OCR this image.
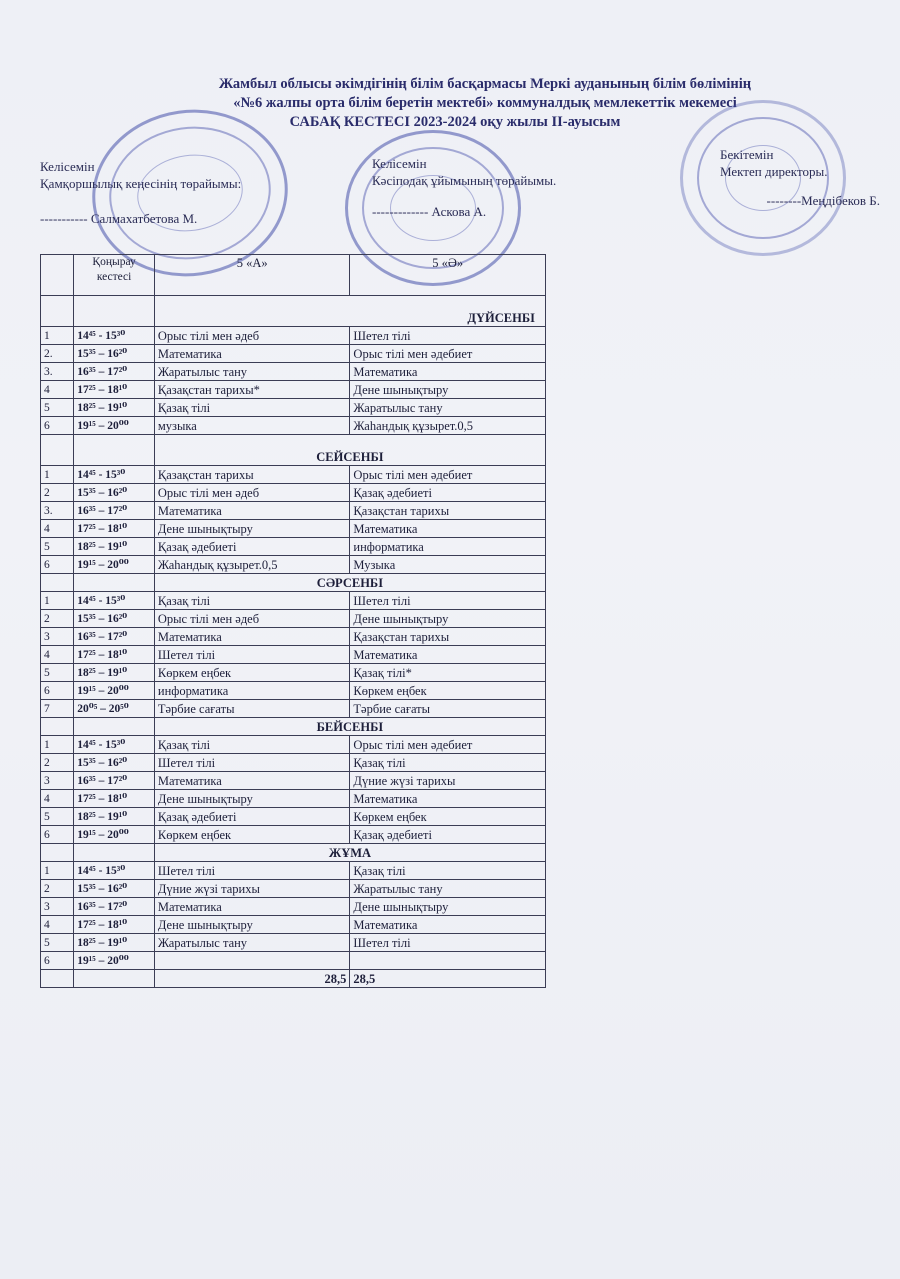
Жамбыл облысы әкімдігінің білім басқармасы Меркі ауданының білім бөлімінің
«№6 жалпы орта білім беретін мектебі» коммуналдық мемлекеттік мекемесі
САБАҚ КЕСТЕСІ 2023-2024 оқу жылы II-ауысым
Келісемін
Қамқоршылық кеңесінің төрайымы:
----------- Салмахатбетова М.
Келісемін
Кәсіподақ ұйымының төрайымы.
------------- Аскова А.
Бекітемін
Мектеп директоры.
--------Меңдібеков Б.
	Қоңырау кестесі	5 «А»	5 «Ә»
		ДҮЙСЕНБІ	
1	14⁴⁵ - 15³⁰	Орыс тілі мен әдеб	Шетел тілі
2.	15³⁵ – 16²⁰	Математика	Орыс тілі мен әдебиет
3.	16³⁵ – 17²⁰	Жаратылыс тану	Математика
4	17²⁵ – 18¹⁰	Қазақстан тарихы*	Дене шынықтыру
5	18²⁵ – 19¹⁰	Қазақ тілі	Жаратылыс тану
6	19¹⁵ – 20⁰⁰	музыка	Жаһандық құзырет.0,5
		СЕЙСЕНБІ	
1	14⁴⁵ - 15³⁰	Қазақстан тарихы	Орыс тілі мен әдебиет
2	15³⁵ – 16²⁰	Орыс тілі мен әдеб	Қазақ әдебиеті
3.	16³⁵ – 17²⁰	Математика	Қазақстан тарихы
4	17²⁵ – 18¹⁰	Дене шынықтыру	Математика
5	18²⁵ – 19¹⁰	Қазақ әдебиеті	информатика
6	19¹⁵ – 20⁰⁰	Жаһандық құзырет.0,5	Музыка
		СӘРСЕНБІ	
1	14⁴⁵ - 15³⁰	Қазақ тілі	Шетел тілі
2	15³⁵ – 16²⁰	Орыс тілі мен әдеб	Дене шынықтыру
3	16³⁵ – 17²⁰	Математика	Қазақстан тарихы
4	17²⁵ – 18¹⁰	Шетел тілі	Математика
5	18²⁵ – 19¹⁰	Көркем еңбек	Қазақ тілі*
6	19¹⁵ – 20⁰⁰	информатика	Көркем еңбек
7	20⁰⁵ – 20⁵⁰	Тәрбие сағаты	Тәрбие сағаты
		БЕЙСЕНБІ	
1	14⁴⁵ - 15³⁰	Қазақ тілі	Орыс тілі мен әдебиет
2	15³⁵ – 16²⁰	Шетел тілі	Қазақ тілі
3	16³⁵ – 17²⁰	Математика	Дүние жүзі тарихы
4	17²⁵ – 18¹⁰	Дене шынықтыру	Математика
5	18²⁵ – 19¹⁰	Қазақ әдебиеті	Көркем еңбек
6	19¹⁵ – 20⁰⁰	Көркем еңбек	Қазақ әдебиеті
		ЖҰМА	
1	14⁴⁵ - 15³⁰	Шетел тілі	Қазақ тілі
2	15³⁵ – 16²⁰	Дүние жүзі тарихы	Жаратылыс тану
3	16³⁵ – 17²⁰	Математика	Дене шынықтыру
4	17²⁵ – 18¹⁰	Дене шынықтыру	Математика
5	18²⁵ – 19¹⁰	Жаратылыс тану	Шетел тілі
6	19¹⁵ – 20⁰⁰		
		28,5	28,5
